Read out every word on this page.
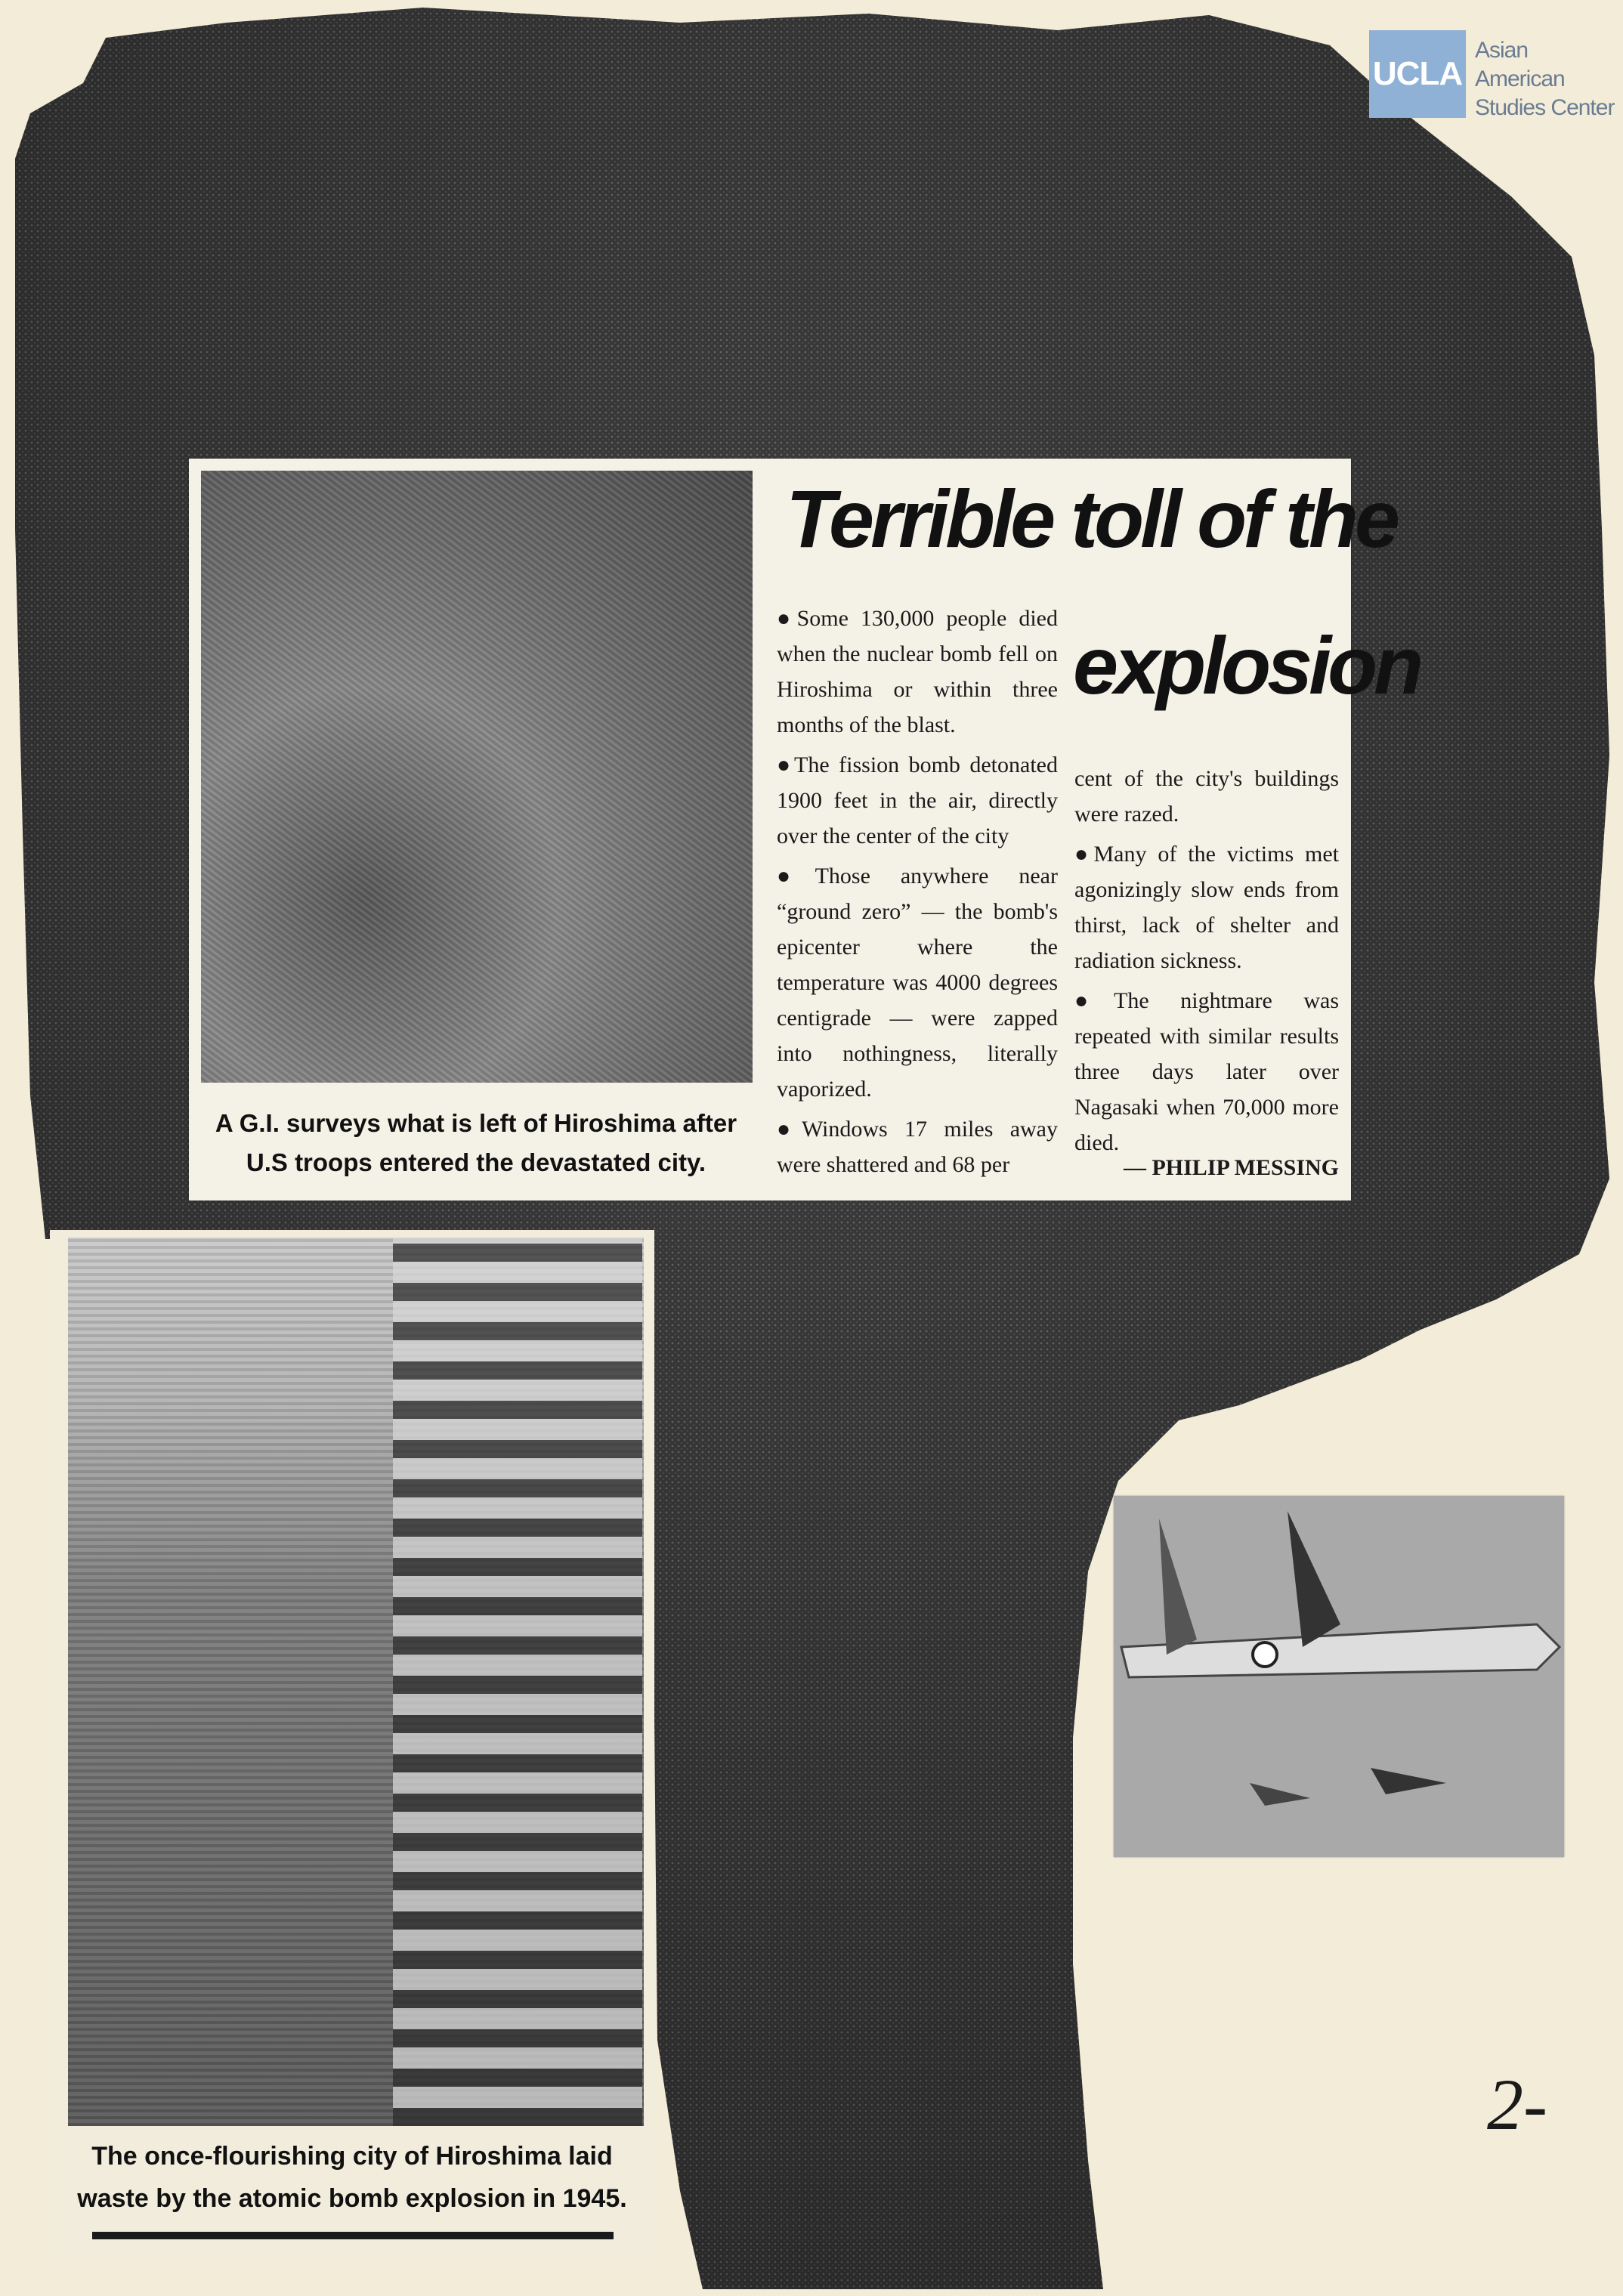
UCLA
Asian American
Studies Center
A G.I. surveys what is left of Hiroshima after
U.S troops entered the devastated city.
Terrible toll of the
explosion

●Some 130,000 people died when the nuclear bomb fell on Hiroshima or within three months of the blast.

●The fission bomb detonated 1900 feet in the air, directly over the center of the city

●Those anywhere near “ground zero” — the bomb's epicenter where the temperature was 4000 degrees centigrade — were zapped into nothingness, literally vaporized.

●Windows 17 miles away were shattered and 68 per

cent of the city's buildings were razed.

●Many of the victims met agonizingly slow ends from thirst, lack of shelter and radiation sickness.

●The nightmare was repeated with similar results three days later over Nagasaki when 70,000 more died.

— PHILIP MESSING
The once-flourishing city of Hiroshima laid
waste by the atomic bomb explosion in 1945.
2-
